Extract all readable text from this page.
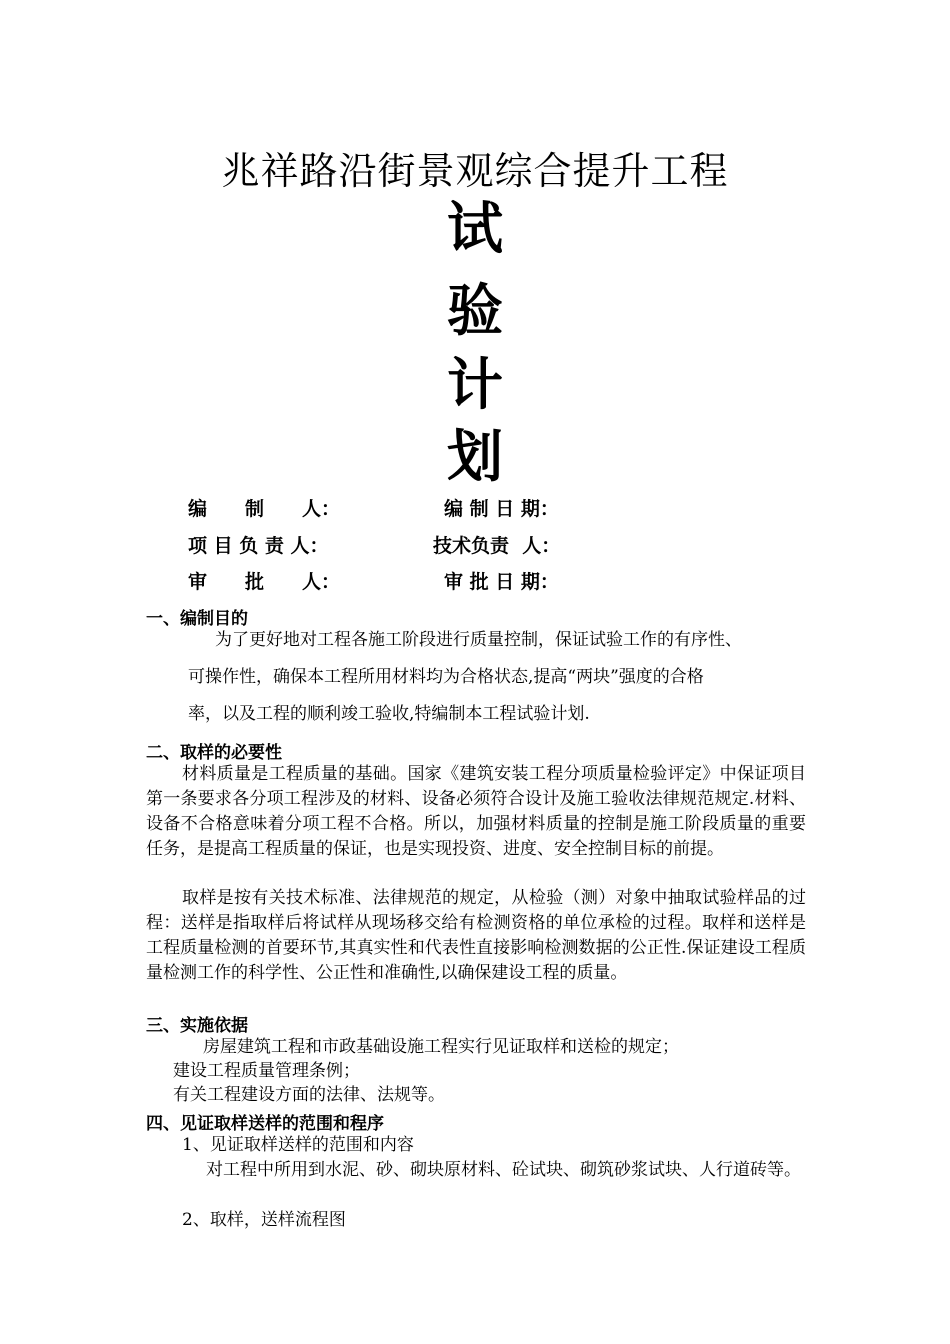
兆祥路沿街景观综合提升工程
试
验
计
划
编　　制　　人：	编 制 日 期：
项 目 负 责 人：	技术负责  人：
审　　批　　人：	审 批 日 期：
一、编制目的
为了更好地对工程各施工阶段进行质量控制，保证试验工作的有序性、
可操作性，确保本工程所用材料均为合格状态,提高“两块”强度的合格
率，以及工程的顺利竣工验收,特编制本工程试验计划.
二、取样的必要性
材料质量是工程质量的基础。国家《建筑安装工程分项质量检验评定》中保证项目第一条要求各分项工程涉及的材料、设备必须符合设计及施工验收法律规范规定.材料、设备不合格意味着分项工程不合格。所以，加强材料质量的控制是施工阶段质量的重要任务，是提高工程质量的保证，也是实现投资、进度、安全控制目标的前提。
取样是按有关技术标准、法律规范的规定，从检验（测）对象中抽取试验样品的过程：送样是指取样后将试样从现场移交给有检测资格的单位承检的过程。取样和送样是工程质量检测的首要环节,其真实性和代表性直接影响检测数据的公正性.保证建设工程质量检测工作的科学性、公正性和准确性,以确保建设工程的质量。
三、实施依据
房屋建筑工程和市政基础设施工程实行见证取样和送检的规定；
建设工程质量管理条例；
有关工程建设方面的法律、法规等。
四、见证取样送样的范围和程序
1、见证取样送样的范围和内容
对工程中所用到水泥、砂、砌块原材料、砼试块、砌筑砂浆试块、人行道砖等。
2、取样，送样流程图
